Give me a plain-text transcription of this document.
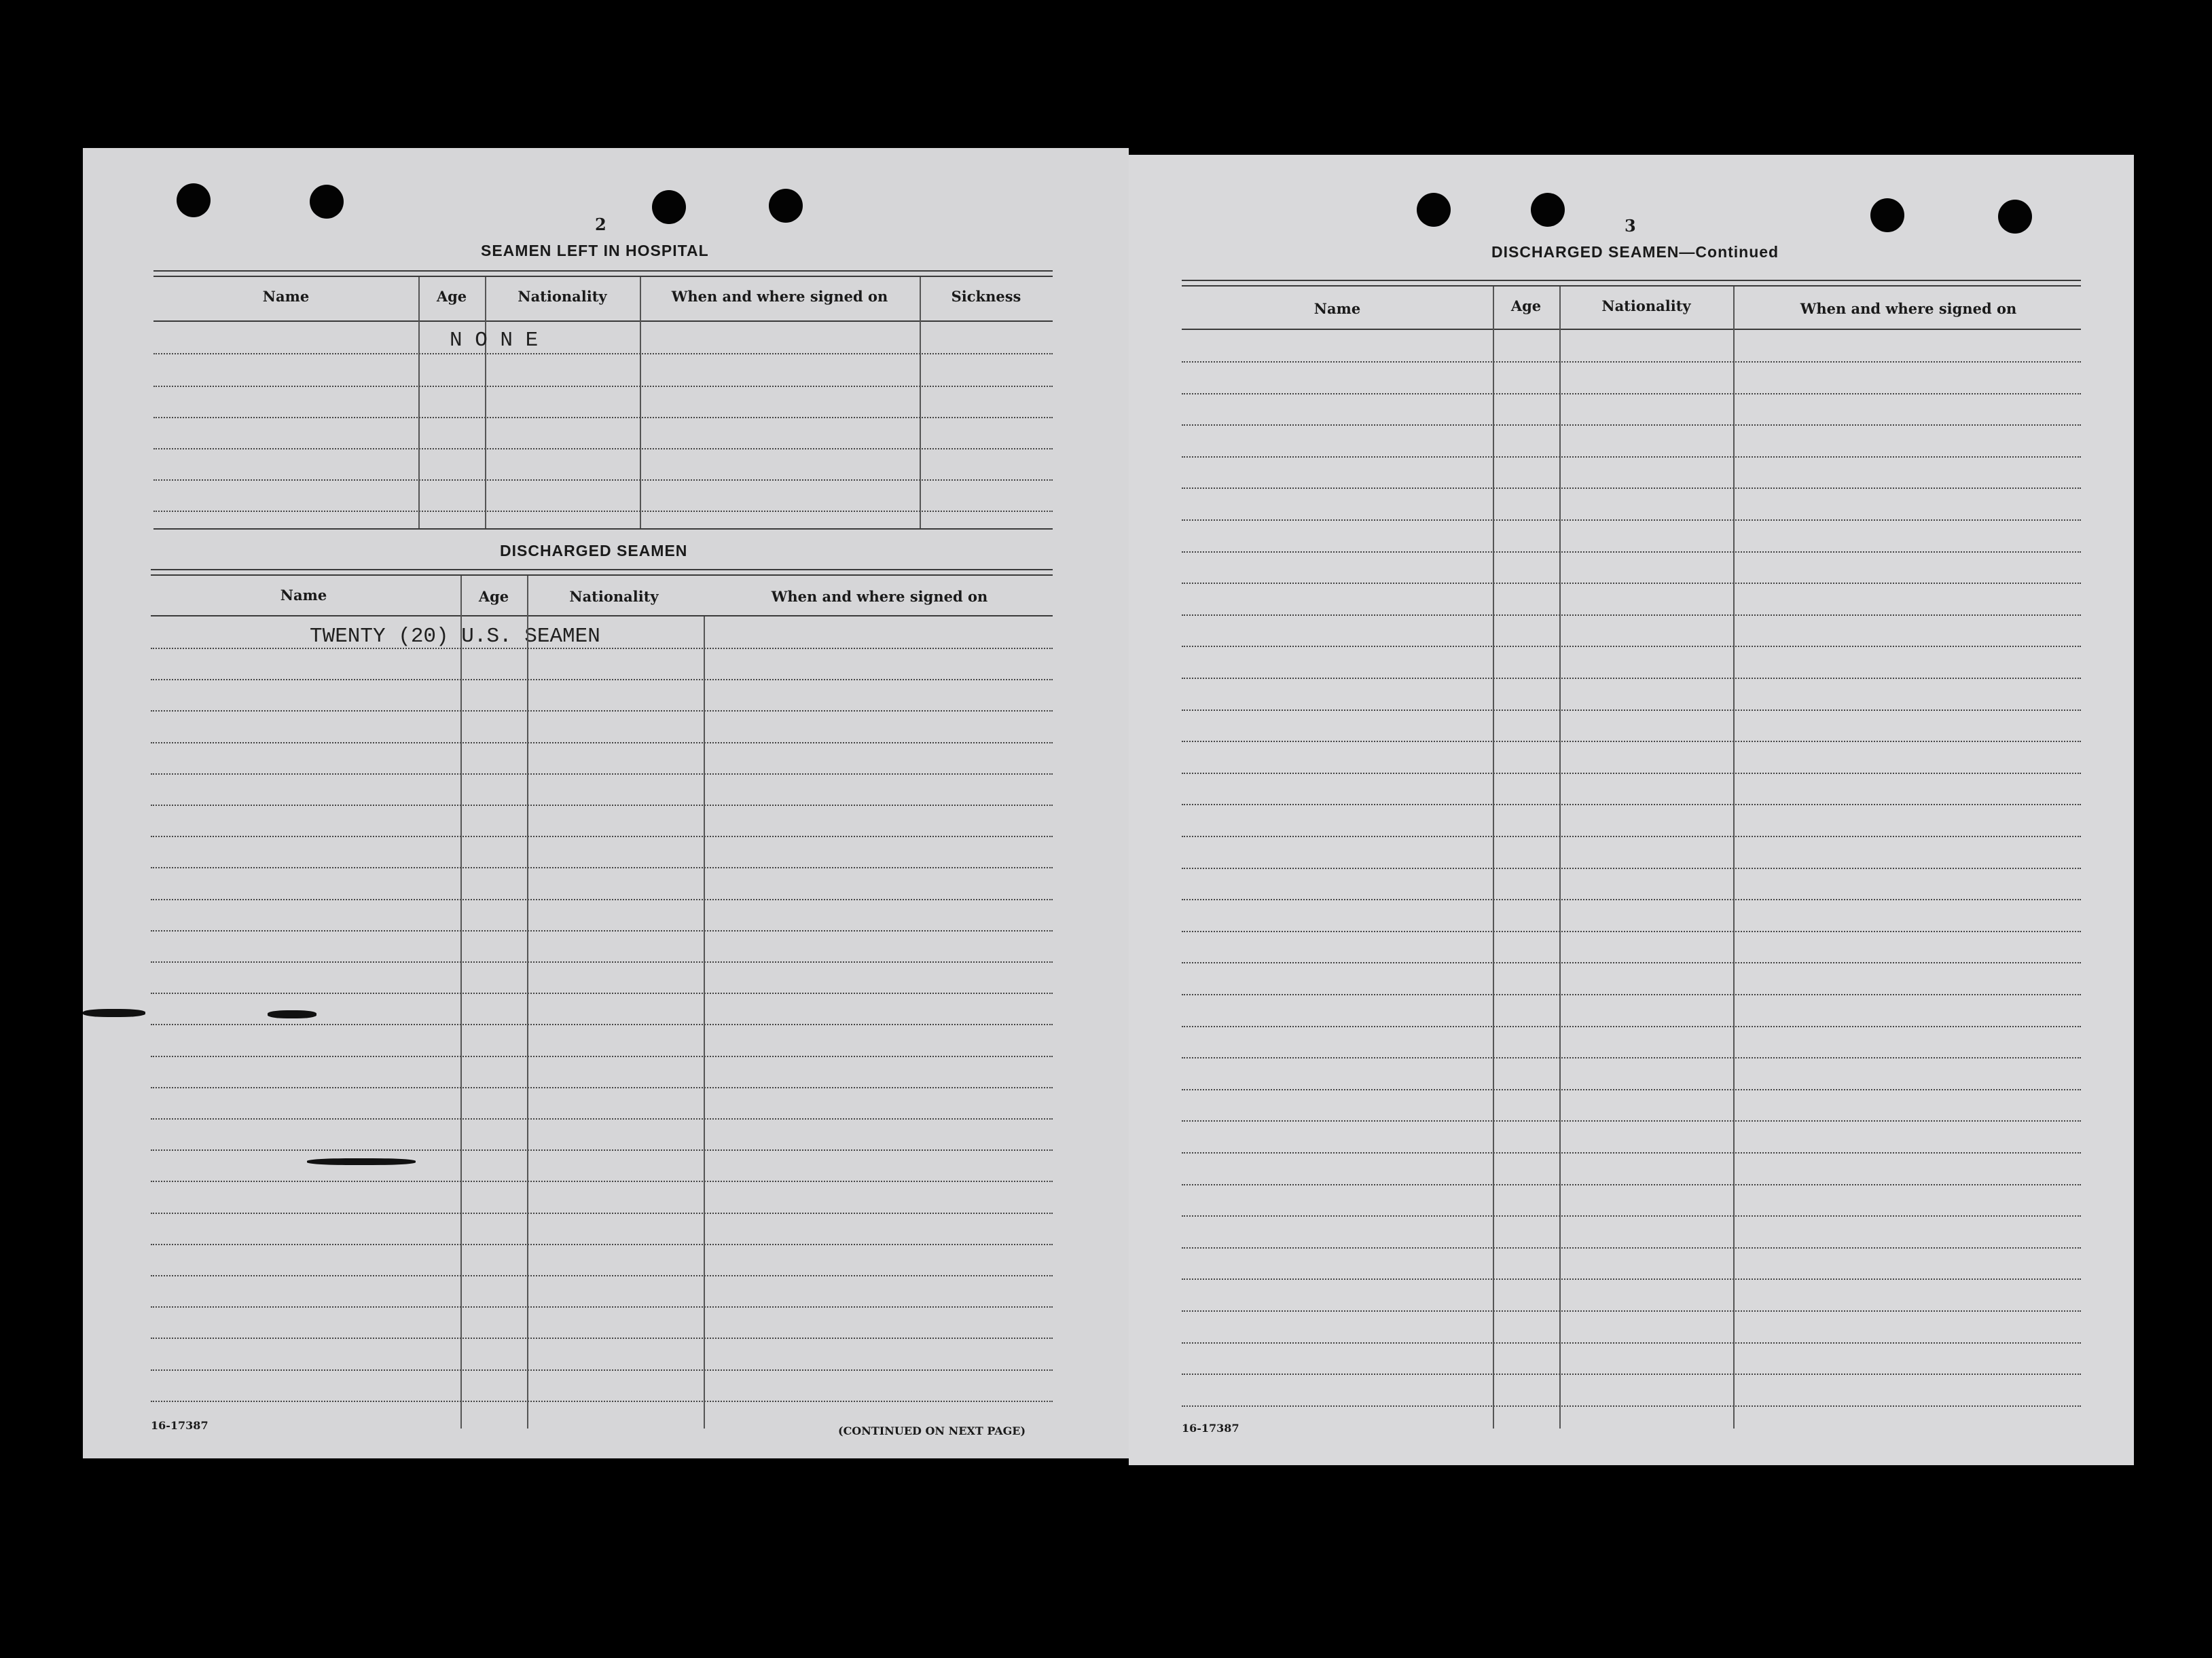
2
SEAMEN LEFT IN HOSPITAL
Name	Age	Nationality	When and where signed on	Sickness
N O N E
DISCHARGED SEAMEN
Name	Age	Nationality	When and where signed on
TWENTY (20) U.S. SEAMEN
16-17387	(CONTINUED ON NEXT PAGE)
3
DISCHARGED SEAMEN—Continued
Name	Age	Nationality	When and where signed on
16-17387
